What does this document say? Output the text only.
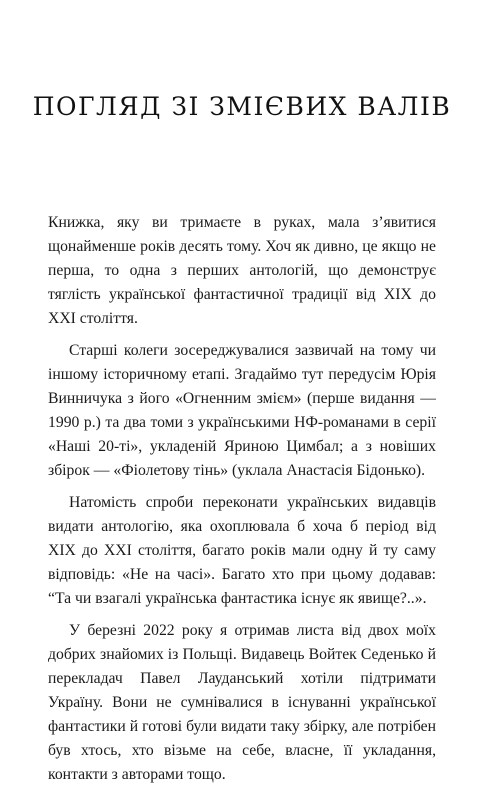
ПОГЛЯД ЗІ ЗМІЄВИХ ВАЛІВ

Книжка, яку ви тримаєте в руках, мала з’явитися щонайменше років десять тому. Хоч як дивно, це якщо не перша, то одна з перших антологій, що демонструє тяглість української фантастичної традиції від XIX до XXI століття.

Старші колеги зосереджувалися зазвичай на тому чи іншому історичному етапі. Згадаймо тут передусім Юрія Винничука з його «Огненним змієм» (перше видання — 1990 р.) та два томи з українськими НФ-романами в серії «Наші 20-ті», укладеній Яриною Цимбал; а з новіших збірок — «Фіолетову тінь» (уклала Анастасія Бідонько).

Натомість спроби переконати українських видавців видати антологію, яка охоплювала б хоча б період від XIX до XXI століття, багато років мали одну й ту саму відповідь: «Не на часі». Багато хто при цьому додавав: “Та чи взагалі українська фантастика існує як явище?..».

У березні 2022 року я отримав листа від двох моїх добрих знайомих із Польщі. Видавець Войтек Седенько й перекладач Павел Лауданський хотіли підтримати Україну. Вони не сумнівалися в існуванні української фантастики й готові були видати таку збірку, але потрібен був хтось, хто візьме на себе, власне, її укладання, контакти з авторами тощо.
